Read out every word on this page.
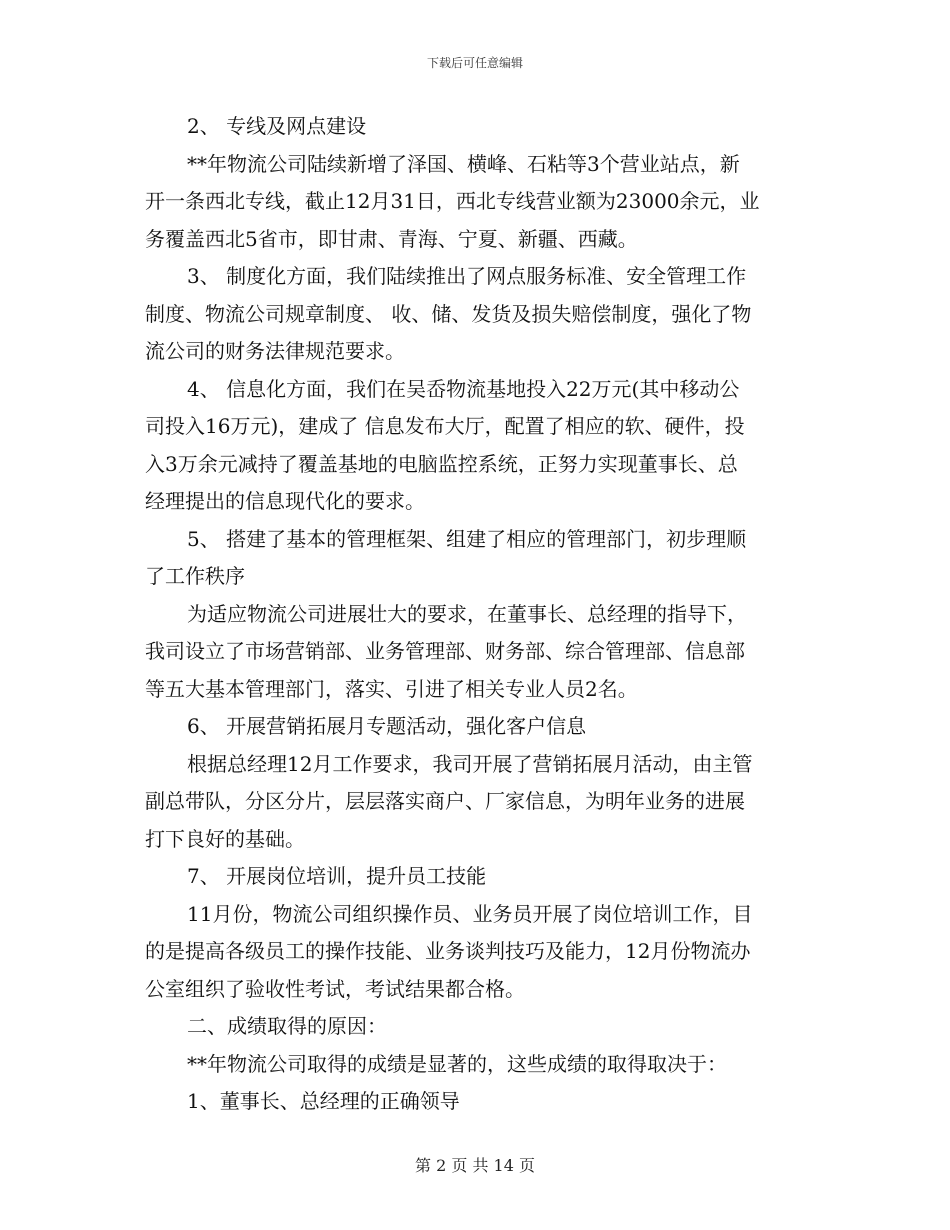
下载后可任意编辑
2、 专线及网点建设
**年物流公司陆续新增了泽国、横峰、石粘等3个营业站点，新
开一条西北专线，截止12月31日，西北专线营业额为23000余元，业
务覆盖西北5省市，即甘肃、青海、宁夏、新疆、西藏。
3、 制度化方面，我们陆续推出了网点服务标准、安全管理工作
制度、物流公司规章制度、 收、储、发货及损失赔偿制度，强化了物
流公司的财务法律规范要求。
4、 信息化方面，我们在吴岙物流基地投入22万元(其中移动公
司投入16万元)，建成了 信息发布大厅，配置了相应的软、硬件，投
入3万余元减持了覆盖基地的电脑监控系统，正努力实现董事长、总
经理提出的信息现代化的要求。
5、 搭建了基本的管理框架、组建了相应的管理部门，初步理顺
了工作秩序
为适应物流公司进展壮大的要求，在董事长、总经理的指导下，
我司设立了市场营销部、业务管理部、财务部、综合管理部、信息部
等五大基本管理部门，落实、引进了相关专业人员2名。
6、 开展营销拓展月专题活动，强化客户信息
根据总经理12月工作要求，我司开展了营销拓展月活动，由主管
副总带队，分区分片，层层落实商户、厂家信息，为明年业务的进展
打下良好的基础。
7、 开展岗位培训，提升员工技能
11月份，物流公司组织操作员、业务员开展了岗位培训工作，目
的是提高各级员工的操作技能、业务谈判技巧及能力，12月份物流办
公室组织了验收性考试，考试结果都合格。
二、成绩取得的原因：
**年物流公司取得的成绩是显著的，这些成绩的取得取决于：
1、董事长、总经理的正确领导
第 2 页 共 14 页
